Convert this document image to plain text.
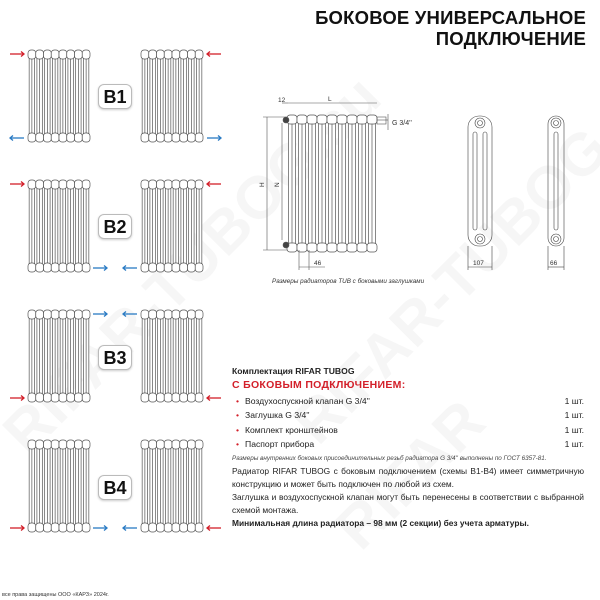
БОКОВОЕ УНИВЕРСАЛЬНОЕ
ПОДКЛЮЧЕНИЕ
B1
B2
B3
B4
12	L
H N
46
G 3/4''
107	66
Размеры радиаторов TUB с боковыми заглушками
Комплектация RIFAR TUBOG
С БОКОВЫМ ПОДКЛЮЧЕНИЕМ:
• Воздухоспускной клапан G 3/4''	1 шт.
• Заглушка G 3/4''	1 шт.
• Комплект кронштейнов	1 шт.
• Паспорт прибора	1 шт.
Размеры внутренних боковых присоединительных резьб радиатора G 3/4'' выполнены по ГОСТ 6357-81.
Радиатор RIFAR TUBOG с боковым подключением (схемы В1-В4) имеет симметричную конструкцию и может быть подключен по любой из схем.
Заглушка и воздухоспускной клапан могут быть перенесены в соответствии с выбранной схемой монтажа.
Минимальная длина радиатора – 98 мм (2 секции) без учета арматуры.
все права защищены ООО «КАРЗ» 2024г.
